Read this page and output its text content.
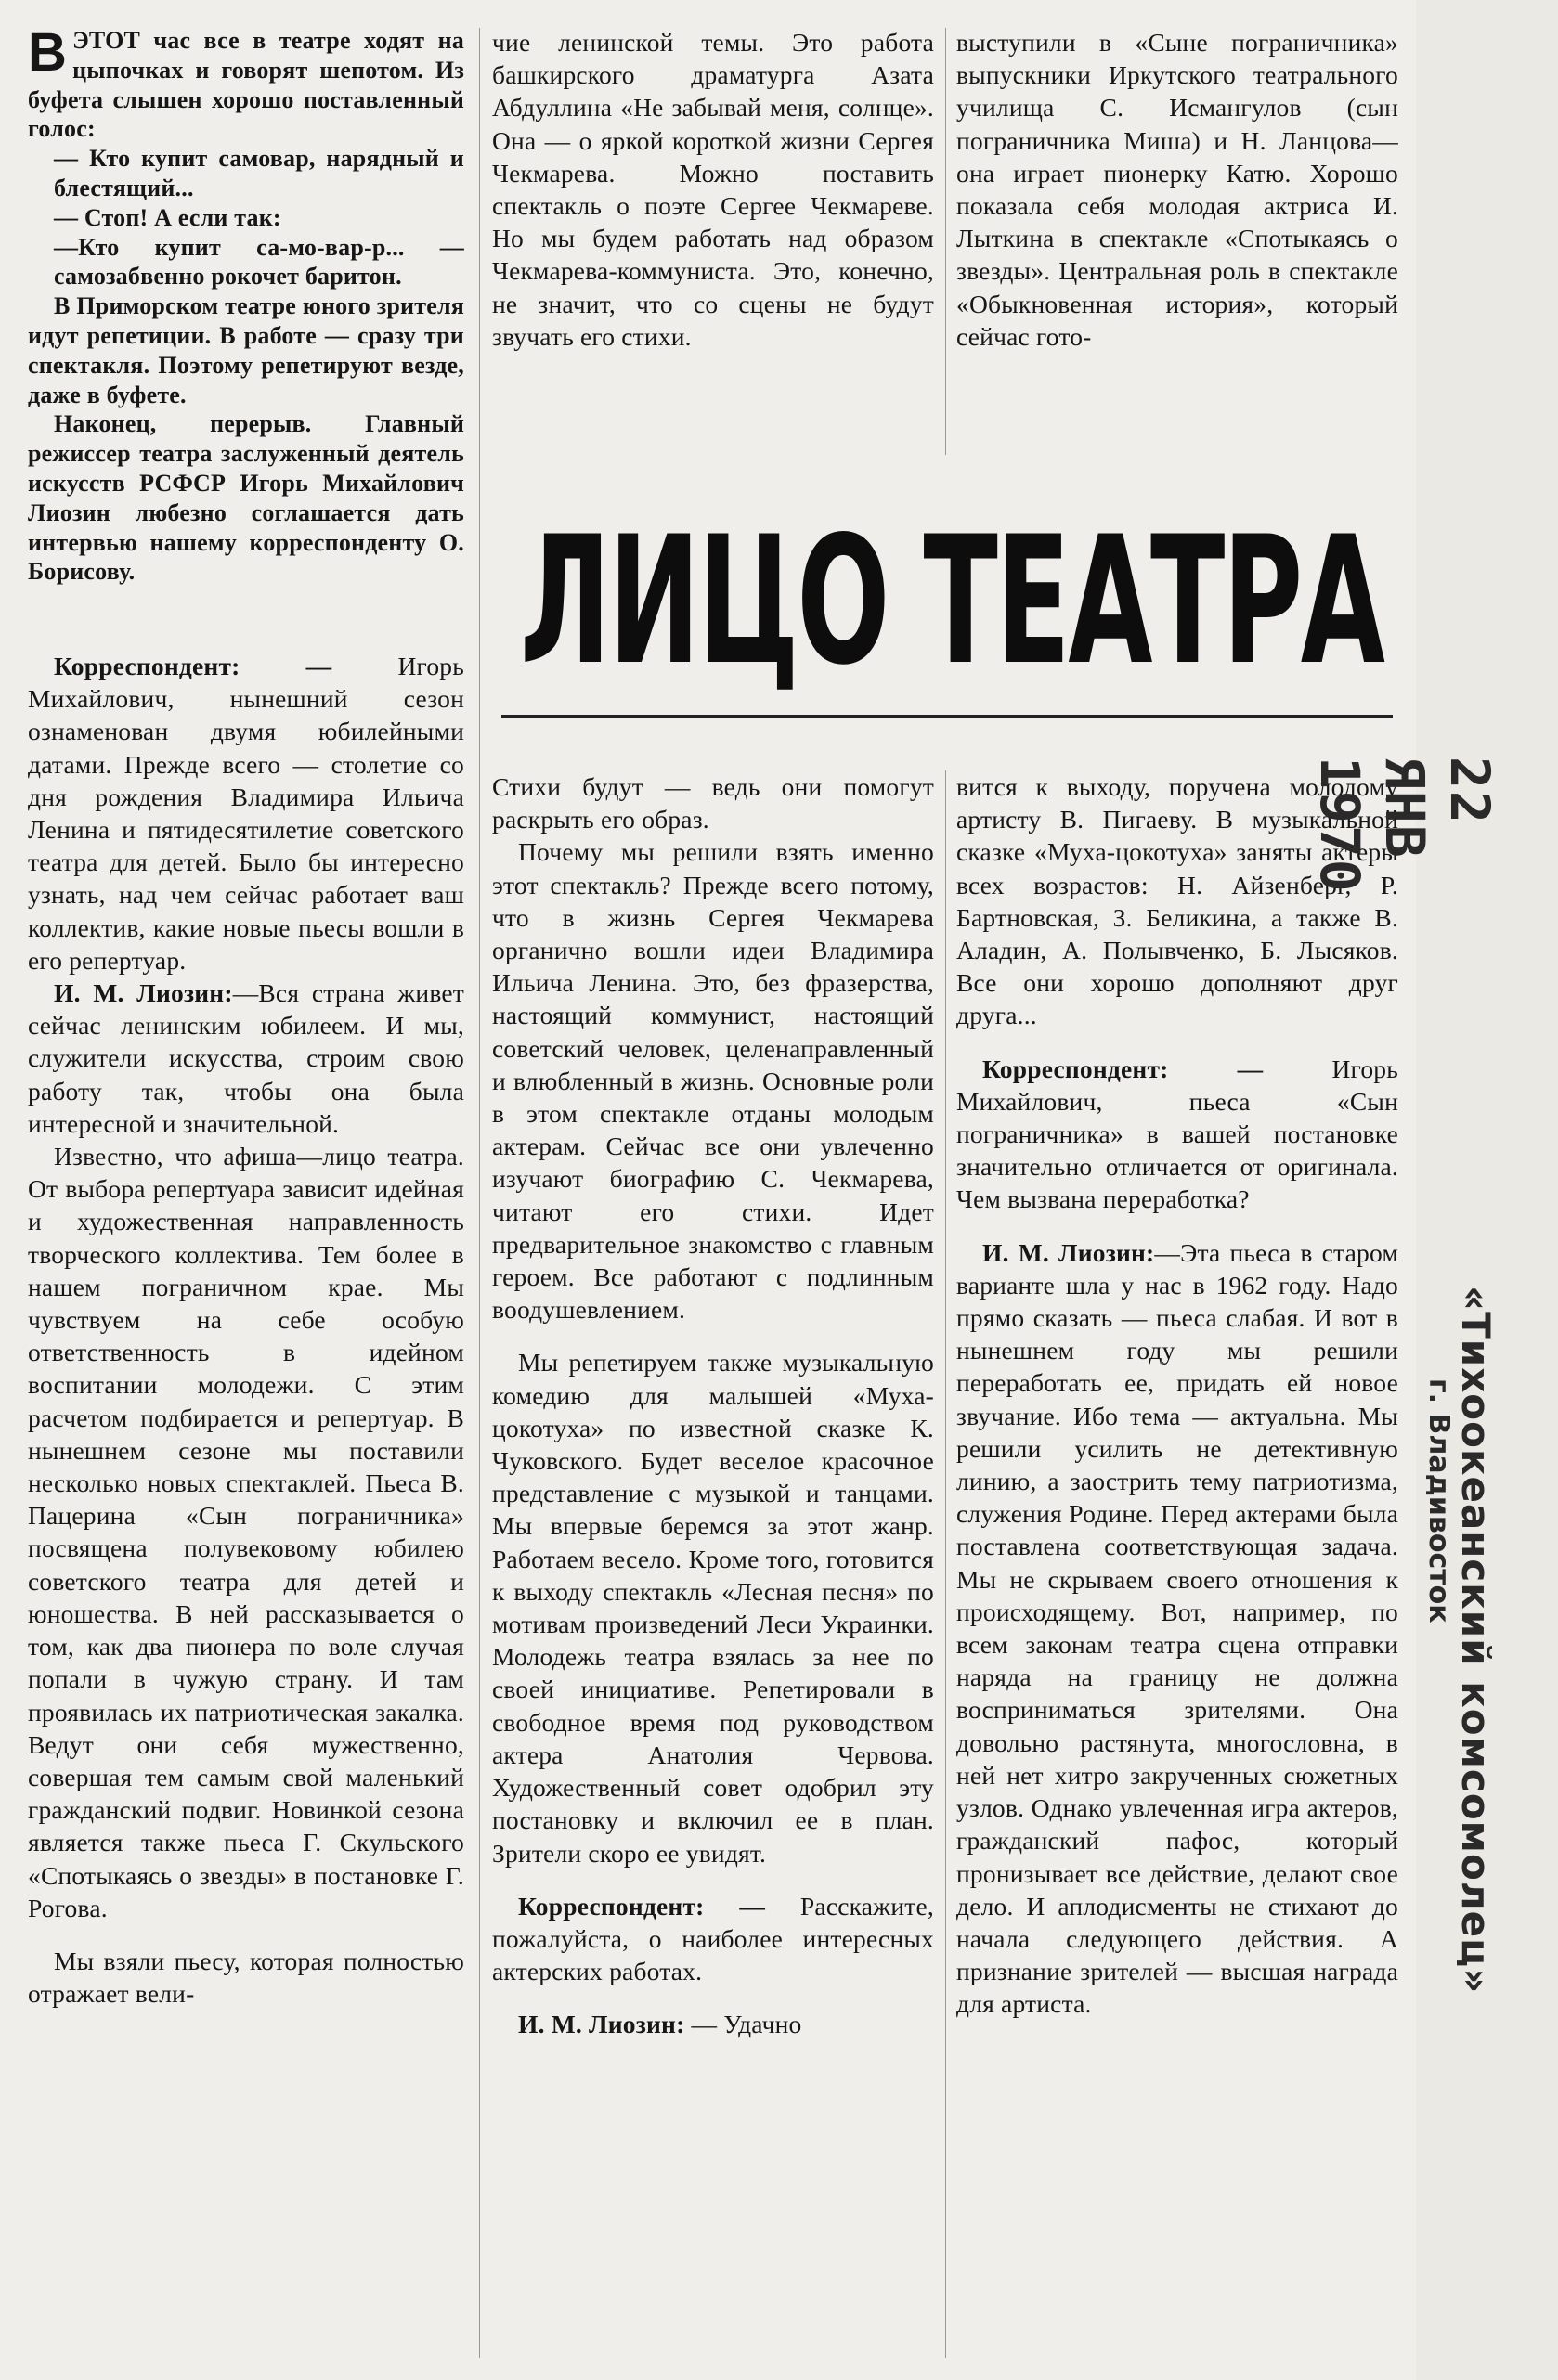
ВЭТОТ час все в театре ходят на цыпочках и говорят шепотом. Из буфета слышен хорошо поставленный голос:

— Кто купит самовар, нарядный и блестящий...

— Стоп! А если так:

—Кто купит са-мо-вар-р... — самозабвенно рокочет баритон.

В Приморском театре юного зрителя идут репетиции. В работе — сразу три спектакля. Поэтому репетируют везде, даже в буфете.

Наконец, перерыв. Главный режиссер театра заслуженный деятель искусств РСФСР Игорь Михайлович Лиозин любезно соглашается дать интервью нашему корреспонденту О. Борисову.

Корреспондент: —	Игорь Михайлович, нынешний сезон ознаменован двумя юбилейными датами. Прежде всего — столетие со дня рождения Владимира Ильича Ленина и пятидесятилетие советского театра для детей. Было бы интересно узнать, над чем сейчас работает ваш коллектив, какие новые пьесы вошли в его репертуар.

И. М. Лиозин:—Вся страна живет сейчас ленинским юбилеем. И мы, служители искусства, строим свою работу так, чтобы она была интересной и значительной.

Известно, что афиша—лицо театра. От выбора репертуара зависит идейная и художественная направленность творческого коллектива. Тем более в нашем пограничном крае. Мы чувствуем на себе особую ответственность в идейном воспитании молодежи. С этим расчетом подбирается и репертуар. В нынешнем сезоне мы поставили несколько новых спектаклей. Пьеса В. Пацерина «Сын пограничника» посвящена полувековому юбилею советского театра для детей и юношества. В ней рассказывается о том, как два пионера по воле случая попали в чужую страну. И там проявилась их патриотическая закалка. Ведут они себя мужественно, совершая тем самым свой маленький гражданский подвиг. Новинкой сезона является также пьеса Г. Скульского «Спотыкаясь о звезды» в постановке Г. Рогова.

Мы взяли пьесу, которая полностью отражает вели-

чие ленинской темы. Это работа башкирского драматурга Азата Абдуллина «Не забывай меня, солнце». Она — о яркой короткой жизни Сергея Чекмарева. Можно поставить спектакль о поэте Сергее Чекмареве. Но мы будем работать над образом Чекмарева-коммуниста. Это, конечно, не значит, что со сцены не будут звучать его стихи.

выступили в «Сыне пограничника» выпускники Иркутского театрального училища С. Исмангулов (сын пограничника Миша) и Н. Ланцова—она играет пионерку Катю. Хорошо показала себя молодая актриса И. Лыткина в спектакле «Спотыкаясь о звезды». Центральная роль в спектакле «Обыкновенная история», который сейчас гото-

ЛИЦО ТЕАТРА

Стихи будут — ведь они помогут раскрыть его образ.

Почему мы решили взять именно этот спектакль? Прежде всего потому, что в жизнь Сергея Чекмарева органично вошли идеи Владимира Ильича Ленина. Это, без фразерства, настоящий коммунист, настоящий советский человек, целенаправленный и влюбленный в жизнь. Основные роли в этом спектакле отданы молодым актерам. Сейчас все они увлеченно изучают биографию С. Чекмарева, читают его стихи. Идет предварительное знакомство с главным героем. Все работают с подлинным воодушевлением.

Мы репетируем также музыкальную комедию для малышей «Муха-цокотуха» по известной сказке К. Чуковского. Будет веселое красочное представление с музыкой и танцами. Мы впервые беремся за этот жанр. Работаем весело. Кроме того, готовится к выходу спектакль «Лесная песня» по мотивам произведений Леси Украинки. Молодежь театра взялась за нее по своей инициативе. Репетировали в свободное время под руководством актера Анатолия Червова. Художественный совет одобрил эту постановку и включил ее в план. Зрители скоро ее увидят.

Корреспондент: — Расскажите, пожалуйста, о наиболее интересных актерских работах.

И. М. Лиозин: — Удачно

вится к выходу, поручена молодому артисту В. Пигаеву. В музыкальной сказке «Муха-цокотуха» заняты актеры всех возрастов: Н. Айзенберг, Р. Бартновская, З. Беликина, а также В. Аладин, А. Полывченко, Б. Лысяков. Все они хорошо дополняют друг друга...

Корреспондент: —	Игорь Михайлович, пьеса «Сын пограничника» в вашей постановке значительно отличается от оригинала. Чем вызвана переработка?

И. М. Лиозин:—Эта пьеса в старом варианте шла у нас в 1962 году. Надо прямо сказать — пьеса слабая. И вот в нынешнем году мы решили переработать ее, придать ей новое звучание. Ибо тема — актуальна. Мы решили усилить не детективную линию, а заострить тему патриотизма, служения Родине. Перед актерами была поставлена соответствующая задача. Мы не скрываем своего отношения к происходящему. Вот, например, по всем законам театра сцена отправки наряда на границу не должна восприниматься зрителями. Она довольно растянута, многословна, в ней нет хитро закрученных сюжетных узлов. Однако увлеченная игра актеров, гражданский пафос, который пронизывает все действие, делают свое дело. И аплодисменты не стихают до начала следующего действия. А признание зрителей — высшая награда для артиста.

22 ЯНВ 1970
«Тихоокеанский комсомолец»
г. Владивосток
